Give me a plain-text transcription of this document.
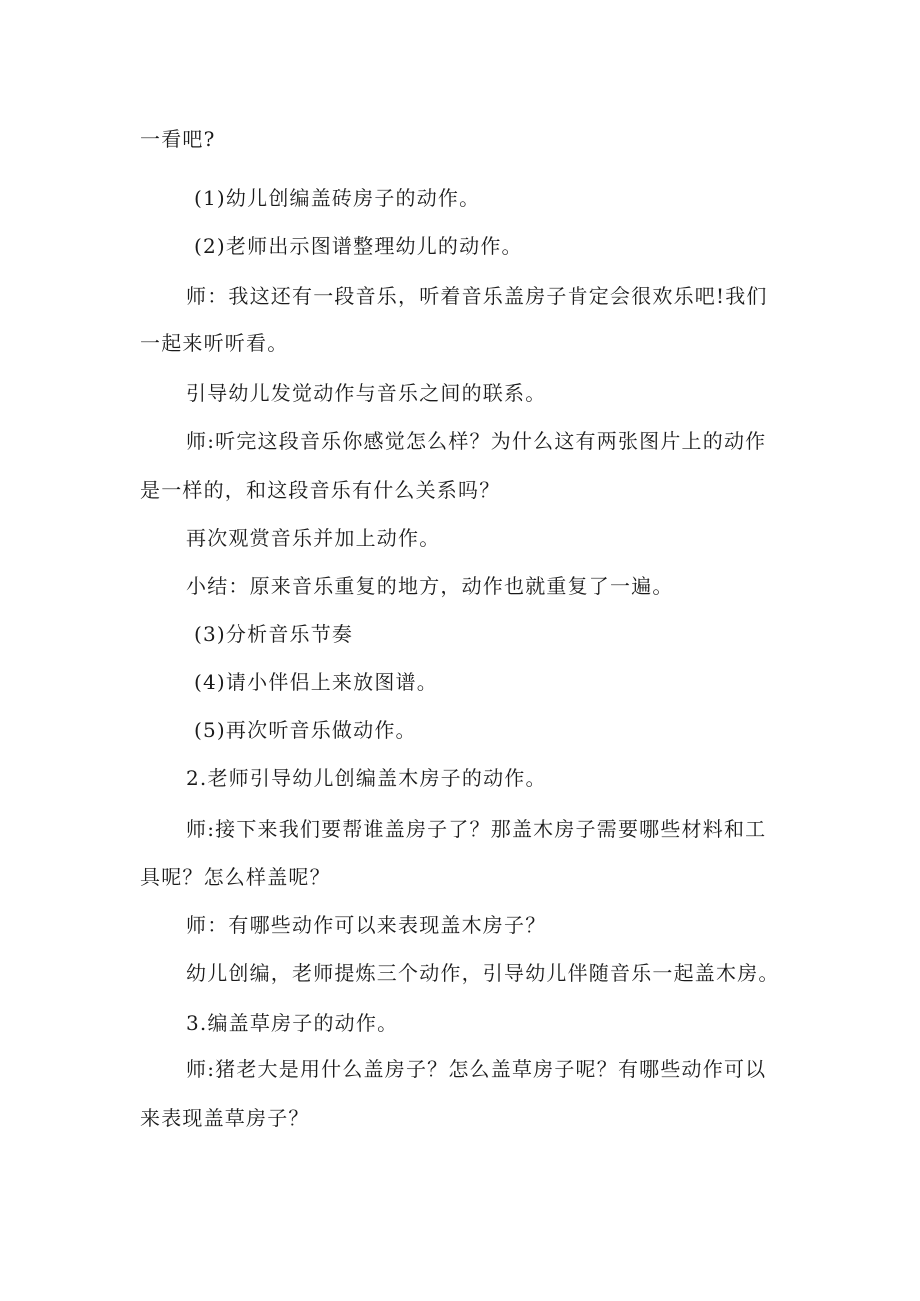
一看吧?
(1)幼儿创编盖砖房子的动作。
(2)老师出示图谱整理幼儿的动作。
师：我这还有一段音乐，听着音乐盖房子肯定会很欢乐吧!我们
一起来听听看。
引导幼儿发觉动作与音乐之间的联系。
师:听完这段音乐你感觉怎么样？为什么这有两张图片上的动作
是一样的，和这段音乐有什么关系吗？
再次观赏音乐并加上动作。
小结：原来音乐重复的地方，动作也就重复了一遍。
(3)分析音乐节奏
(4)请小伴侣上来放图谱。
(5)再次听音乐做动作。
2.老师引导幼儿创编盖木房子的动作。
师:接下来我们要帮谁盖房子了？那盖木房子需要哪些材料和工
具呢？怎么样盖呢？
师：有哪些动作可以来表现盖木房子？
幼儿创编，老师提炼三个动作，引导幼儿伴随音乐一起盖木房。
3.编盖草房子的动作。
师:猪老大是用什么盖房子？怎么盖草房子呢？有哪些动作可以
来表现盖草房子？
